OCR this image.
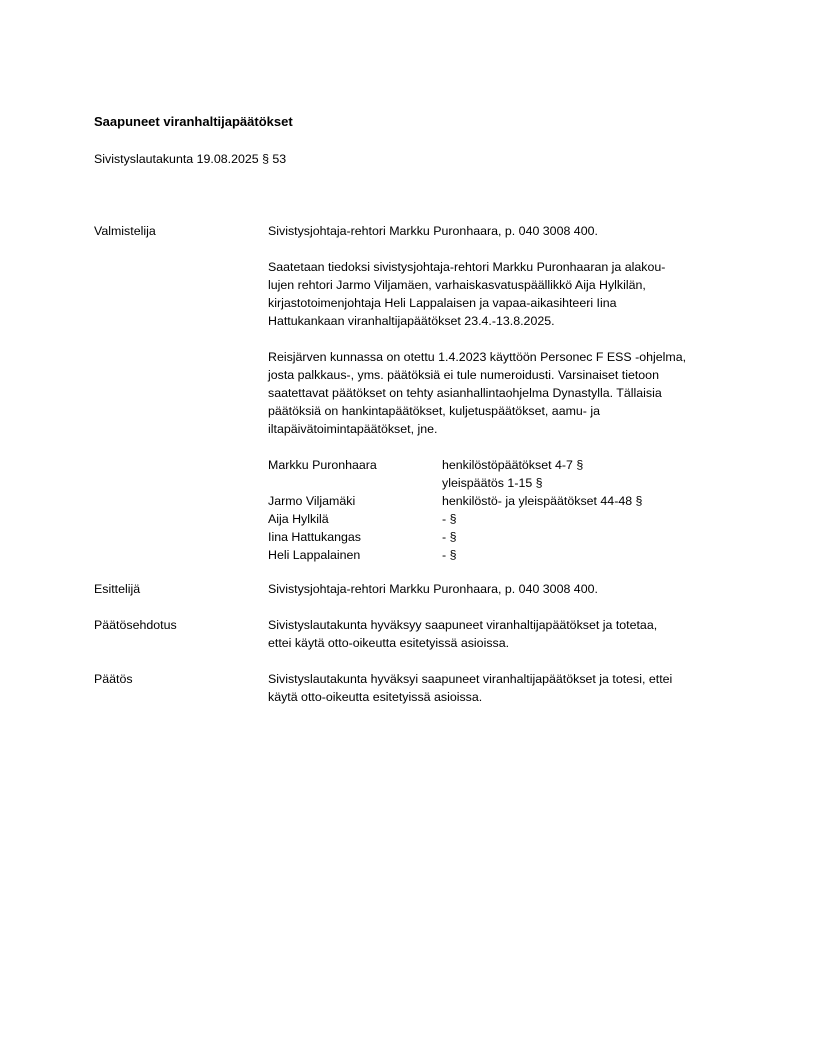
Saapuneet viranhaltijapäätökset

Sivistyslautakunta 19.08.2025 § 53

Valmistelija	Sivistysjohtaja-rehtori Markku Puronhaara, p. 040 3008 400.

Saatetaan tiedoksi sivistysjohtaja-rehtori Markku Puronhaaran ja alakou-
lujen rehtori Jarmo Viljamäen, varhaiskasvatuspäällikkö Aija Hylkilän,
kirjastotoimenjohtaja Heli Lappalaisen ja vapaa-aikasihteeri Iina
Hattukankaan viranhaltijapäätökset 23.4.-13.8.2025.

Reisjärven kunnassa on otettu 1.4.2023 käyttöön Personec F ESS -ohjelma,
josta palkkaus-, yms. päätöksiä ei tule numeroidusti. Varsinaiset tietoon
saatettavat päätökset on tehty asianhallintaohjelma Dynastylla. Tällaisia
päätöksiä on hankintapäätökset, kuljetuspäätökset, aamu- ja
iltapäivätoimintapäätökset, jne.

Markku Puronhaara	henkilöstöpäätökset 4-7 §
yleispäätös 1-15 §
Jarmo Viljamäki	henkilöstö- ja yleispäätökset 44-48 §
Aija Hylkilä	- §
Iina Hattukangas	- §
Heli Lappalainen	- §
Esittelijä	Sivistysjohtaja-rehtori Markku Puronhaara, p. 040 3008 400.
Päätösehdotus	Sivistyslautakunta hyväksyy saapuneet viranhaltijapäätökset ja totetaa,
ettei käytä otto-oikeutta esitetyissä asioissa.
Päätös	Sivistyslautakunta hyväksyi saapuneet viranhaltijapäätökset ja totesi, ettei
käytä otto-oikeutta esitetyissä asioissa.
